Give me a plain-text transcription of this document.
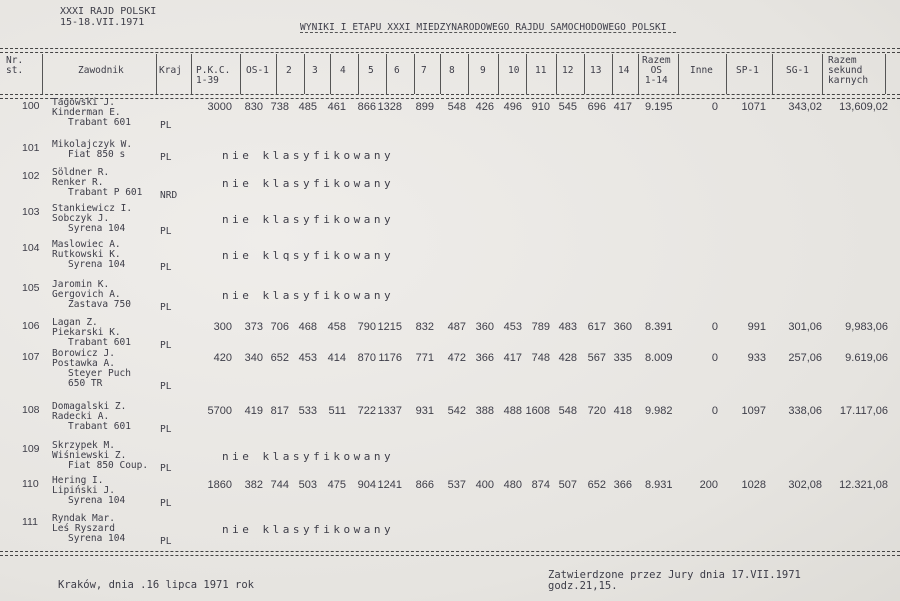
XXXI RAJD POLSKI
15-18.VII.1971	WYNIKI I ETAPU XXXI MIEDZYNARODOWEGO RAJDU SAMOCHODOWEGO POLSKI
Nr.
st.	Zawodnik	Kraj P.K.C.
1-39
OS-1 2 3 4 5 6 7 8	9 10 11 12 13 14
Razem
OS
1-14
Inne SP-1	SG-1
Razem
sekund
karnych
100 Tagowski J.
Kinderman E.
Trabant 601	PL
3000 830 738 485 461 866 1328 899 548 426 496 910 545 696 417 9.195	0 1071 343,02 13,609,02
101 Mikolajczyk W.
Fiat 850 s	PL	nie klasyfikowany
102 Söldner R.
Renker R.
Trabant P 601 NRD
nie klasyfikowany
103 Stankiewicz I.
Sobczyk J.
Syrena 104	PL
nie klasyfikowany
104 Maslowiec A.
Rutkowski K.
Syrena 104	PL
nie klqsyfikowany
105 Jaromin K.
Gergovich A.
Zastava 750	PL
nie klasyfikowany
106 Lagan Z.
Piekarski K.
Trabant 601	PL
300 373 706 468 458 790 1215 832 487 360 453 789 483 617 360 8.391	0	991 301,06 9,983,06
107 Borowicz J.
Postawka A.
Steyer Puch
650 TR	PL
420 340 652 453 414 870 1176 771 472 366 417 748 428 567 335 8.009	0	933 257,06 9.619,06
108 Domagalski Z.
Radecki A.
Trabant 601	PL
5700 419 817 533 511 722 1337 931 542 388 488 1608 548 720 418 9.982	0 1097 338,06 17.117,06
109 Skrzypek M.
Wiśniewski Z.
Fiat 850 Coup. PL
nie klasyfikowany
110 Hering I.
Lipiński J.
Syrena 104	PL
1860 382 744 503 475 904 1241 866 537 400 480 874 507 652 366 8.931 200 1028 302,08 12.321,08
111 Ryndak Mar.
Leś Ryszard
Syrena 104	PL
nie klasyfikowany
Kraków, dnia .16 lipca 1971 rok
Zatwierdzone przez Jury dnia 17.VII.1971
godz.21,15.
